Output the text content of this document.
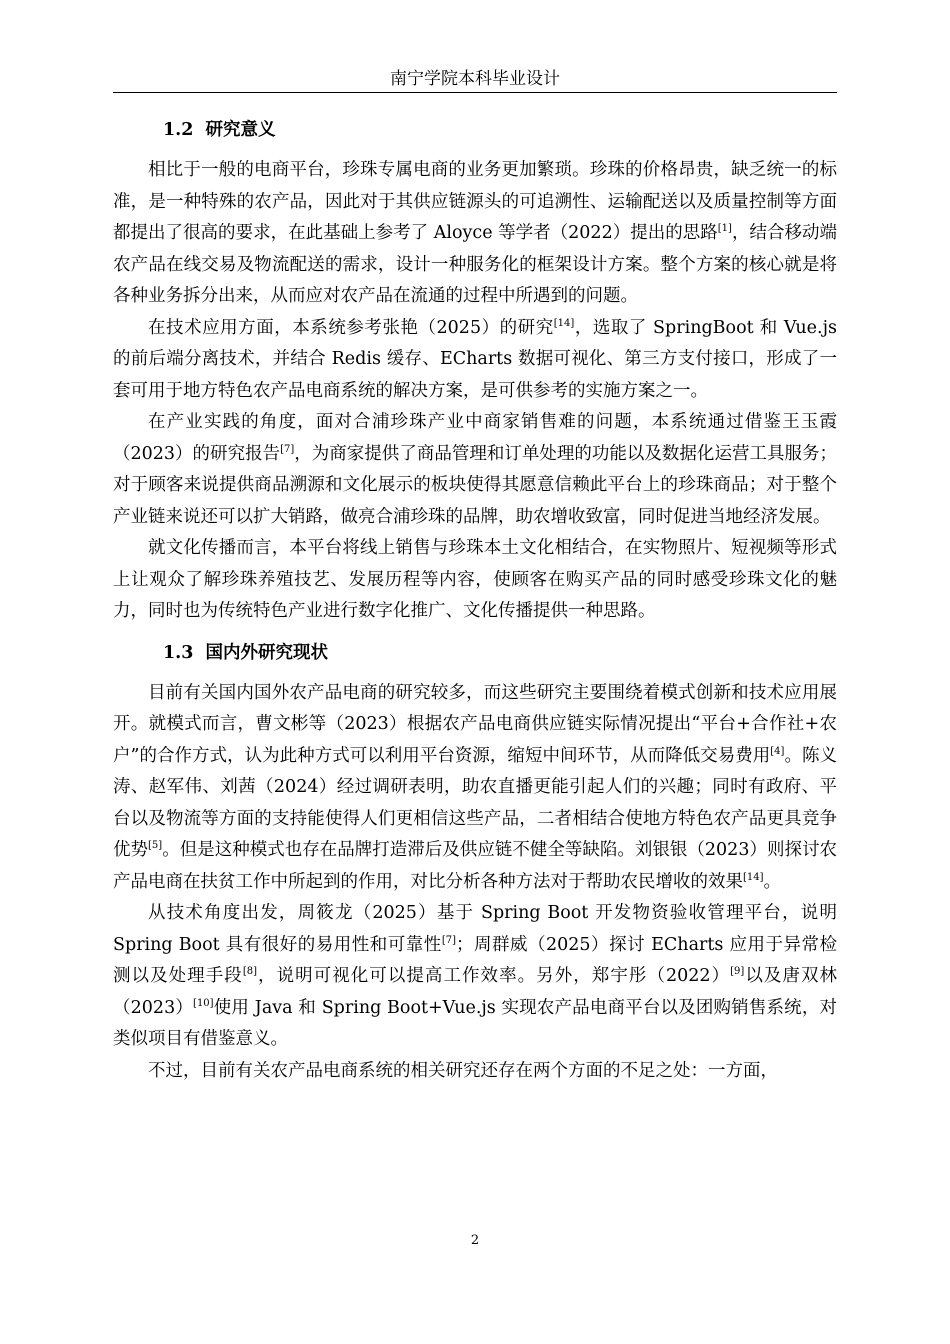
南宁学院本科毕业设计
1.2 研究意义

相比于一般的电商平台，珍珠专属电商的业务更加繁琐。珍珠的价格昂贵，缺乏统一的标准，是一种特殊的农产品，因此对于其供应链源头的可追溯性、运输配送以及质量控制等方面都提出了很高的要求，在此基础上参考了 Aloyce 等学者（2022）提出的思路[1]，结合移动端农产品在线交易及物流配送的需求，设计一种服务化的框架设计方案。整个方案的核心就是将各种业务拆分出来，从而应对农产品在流通的过程中所遇到的问题。

在技术应用方面，本系统参考张艳（2025）的研究[14]，选取了 SpringBoot 和 Vue.js 的前后端分离技术，并结合 Redis 缓存、ECharts 数据可视化、第三方支付接口，形成了一套可用于地方特色农产品电商系统的解决方案，是可供参考的实施方案之一。

在产业实践的角度，面对合浦珍珠产业中商家销售难的问题，本系统通过借鉴王玉霞（2023）的研究报告[7]，为商家提供了商品管理和订单处理的功能以及数据化运营工具服务；对于顾客来说提供商品溯源和文化展示的板块使得其愿意信赖此平台上的珍珠商品；对于整个产业链来说还可以扩大销路，做亮合浦珍珠的品牌，助农增收致富，同时促进当地经济发展。

就文化传播而言，本平台将线上销售与珍珠本土文化相结合，在实物照片、短视频等形式上让观众了解珍珠养殖技艺、发展历程等内容，使顾客在购买产品的同时感受珍珠文化的魅力，同时也为传统特色产业进行数字化推广、文化传播提供一种思路。

1.3 国内外研究现状

目前有关国内国外农产品电商的研究较多，而这些研究主要围绕着模式创新和技术应用展开。就模式而言，曹文彬等（2023）根据农产品电商供应链实际情况提出“平台+合作社+农户”的合作方式，认为此种方式可以利用平台资源，缩短中间环节，从而降低交易费用[4]。陈义涛、赵军伟、刘茜（2024）经过调研表明，助农直播更能引起人们的兴趣；同时有政府、平台以及物流等方面的支持能使得人们更相信这些产品，二者相结合使地方特色农产品更具竞争优势[5]。但是这种模式也存在品牌打造滞后及供应链不健全等缺陷。刘银银（2023）则探讨农产品电商在扶贫工作中所起到的作用，对比分析各种方法对于帮助农民增收的效果[14]。

从技术角度出发，周筱龙（2025）基于 Spring Boot 开发物资验收管理平台，说明 Spring Boot 具有很好的易用性和可靠性[7]；周群威（2025）探讨 ECharts 应用于异常检测以及处理手段[8]，说明可视化可以提高工作效率。另外，郑宇彤（2022）[9]以及唐双林（2023）[10]使用 Java 和 Spring Boot+Vue.js 实现农产品电商平台以及团购销售系统，对类似项目有借鉴意义。

不过，目前有关农产品电商系统的相关研究还存在两个方面的不足之处：一方面，

2
